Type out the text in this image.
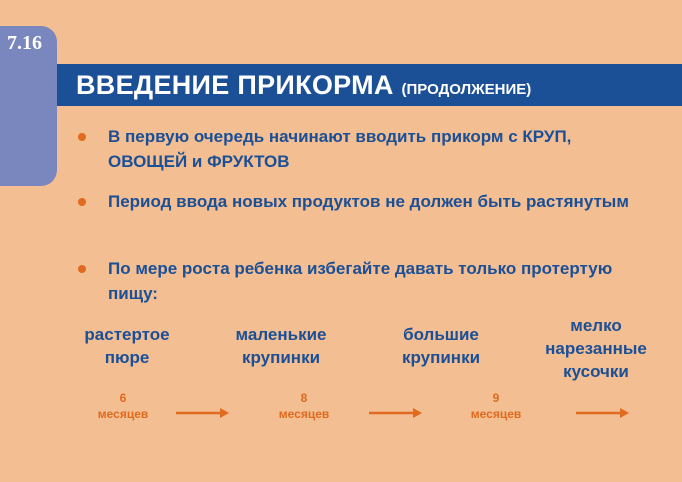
7.16
ВВЕДЕНИЕ ПРИКОРМА (ПРОДОЛЖЕНИЕ)
В первую очередь начинают вводить прикорм с КРУП, ОВОЩЕЙ и ФРУКТОВ
Период ввода новых продуктов не должен быть растянутым
По мере роста ребенка избегайте давать только протертую пищу:
растертое пюре
маленькие крупинки
большие крупинки
мелко нарезанные кусочки
6
месяцев
8
месяцев
9
месяцев
